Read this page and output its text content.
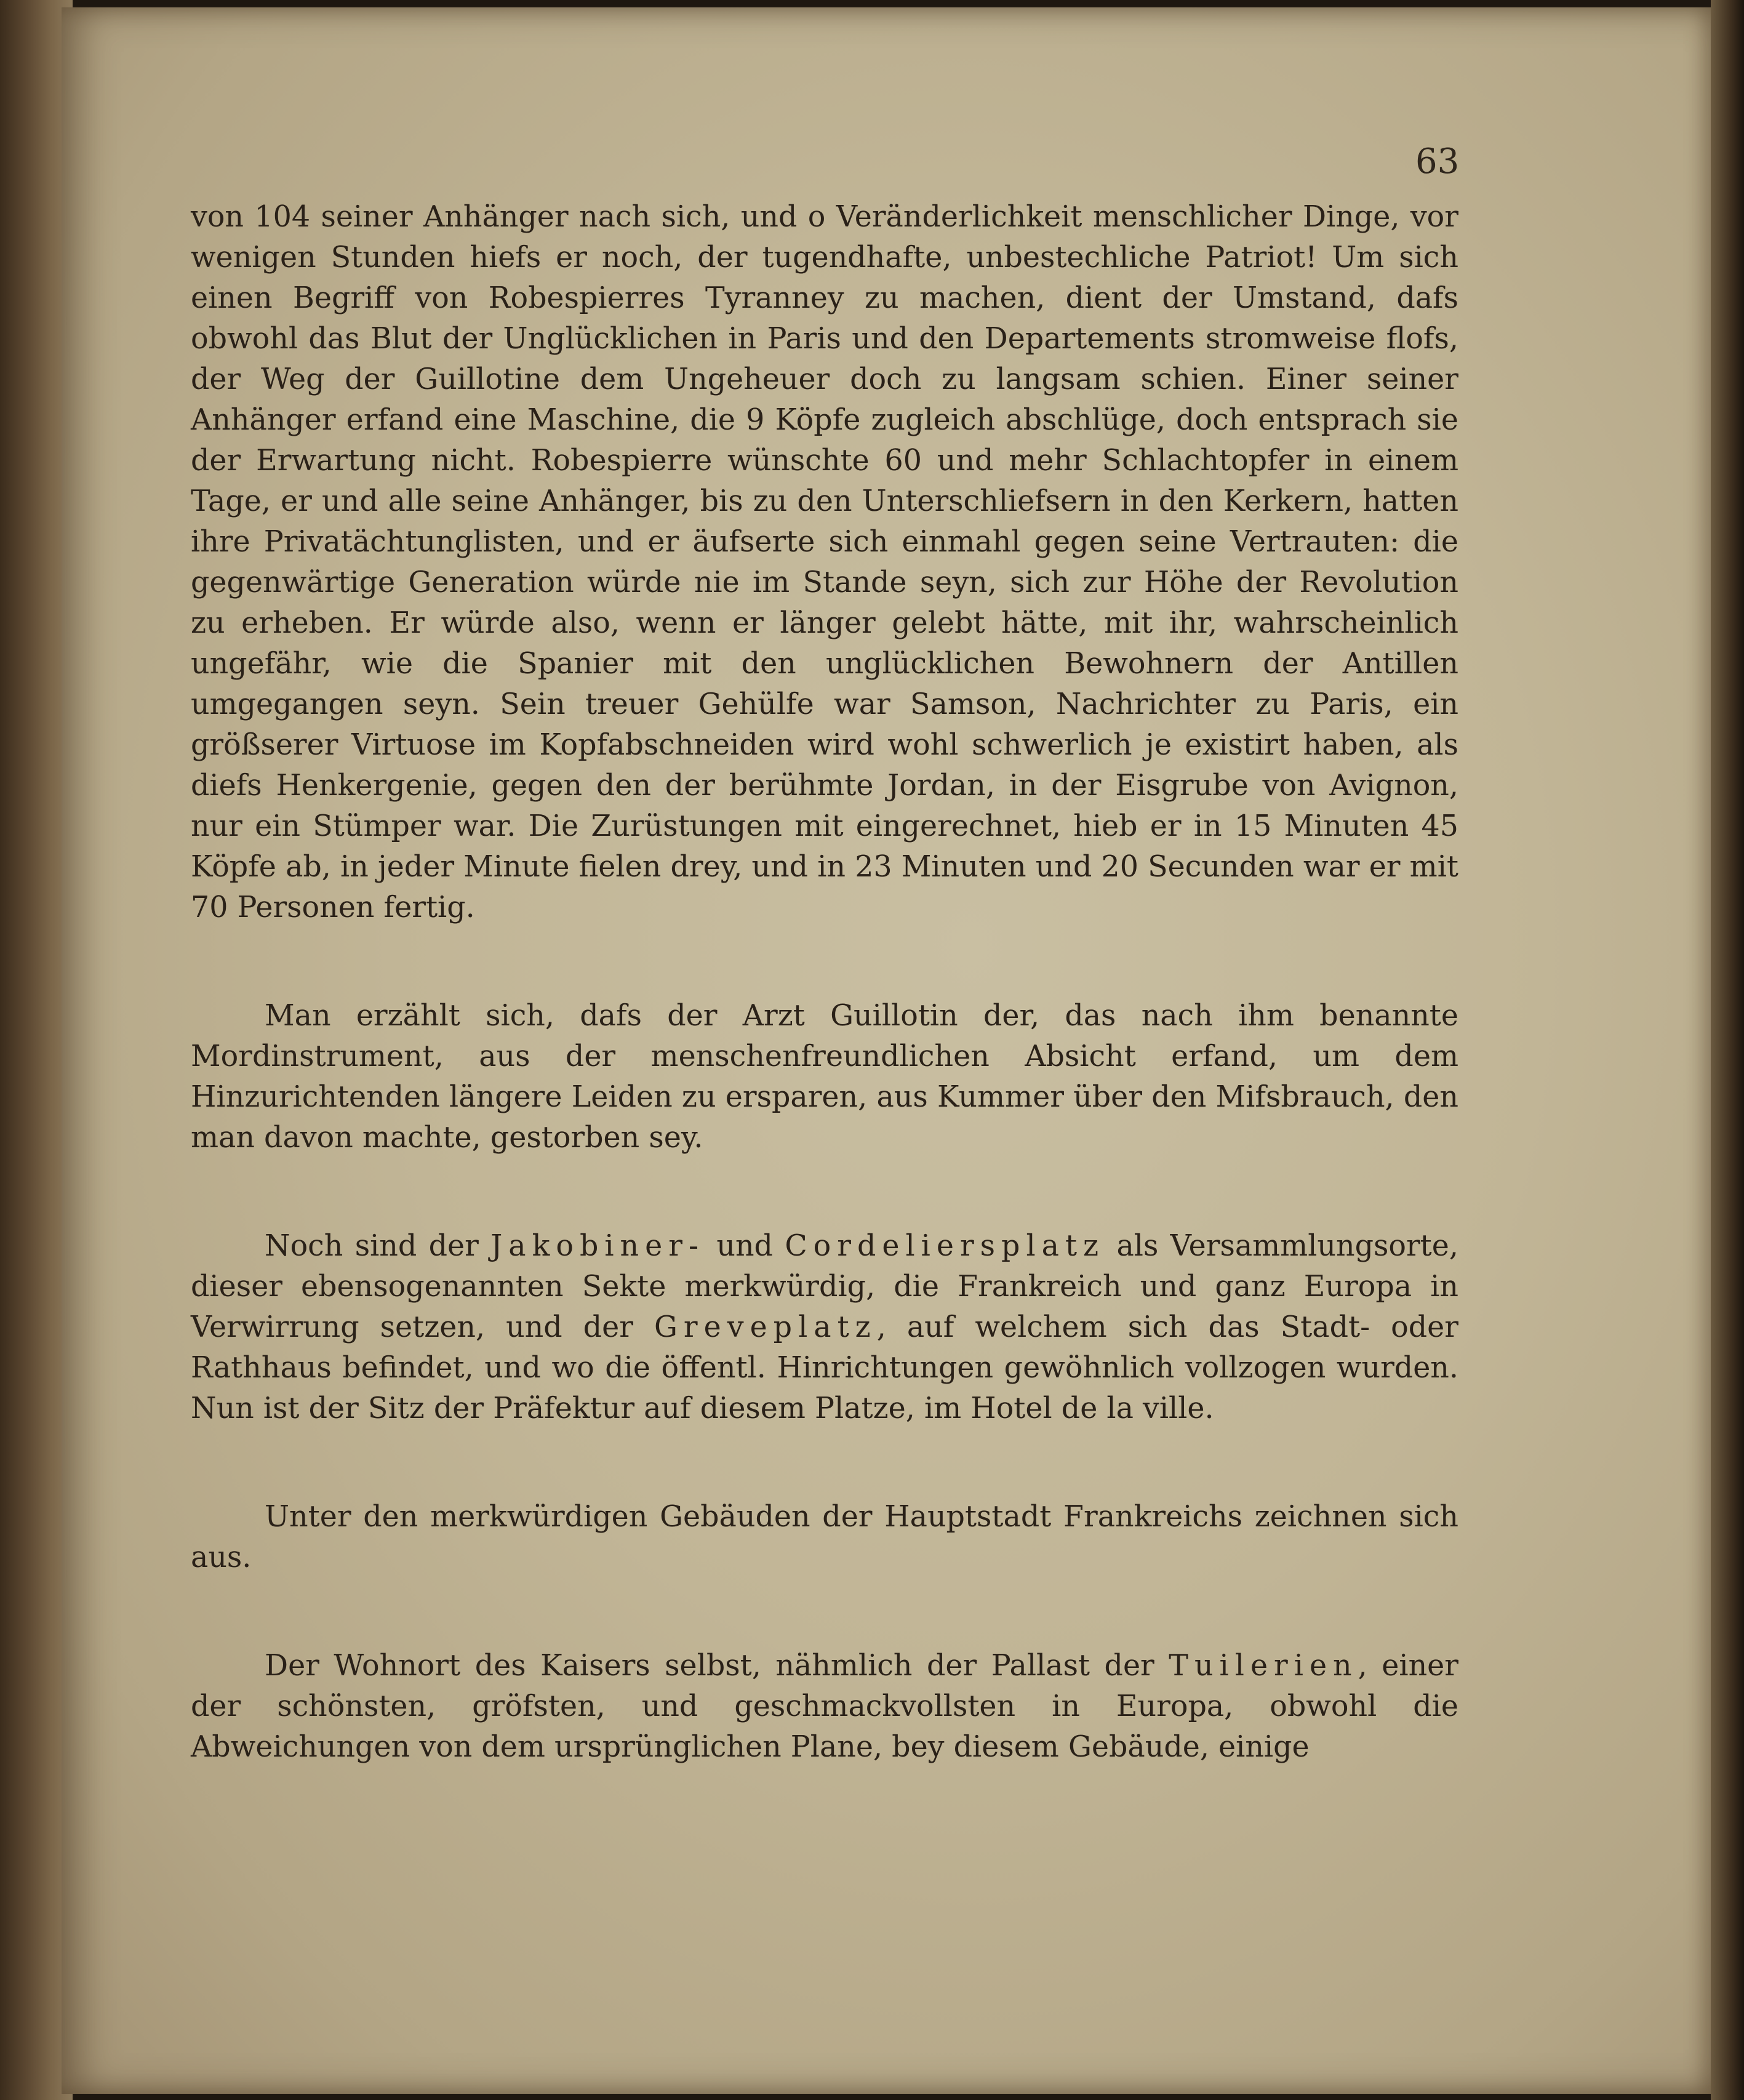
63

von 104 seiner Anhänger nach sich, und o Veränderlichkeit menschlicher Dinge, vor wenigen Stunden hiefs er noch, der tugendhafte, unbestechliche Patriot! Um sich einen Begriff von Robespierres Tyranney zu machen, dient der Umstand, dafs obwohl das Blut der Unglücklichen in Paris und den Departements stromweise flofs, der Weg der Guillotine dem Ungeheuer doch zu langsam schien. Einer seiner Anhänger erfand eine Maschine, die 9 Köpfe zugleich abschlüge, doch entsprach sie der Erwartung nicht. Robespierre wünschte 60 und mehr Schlachtopfer in einem Tage, er und alle seine Anhänger, bis zu den Unterschliefsern in den Kerkern, hatten ihre Privatächtunglisten, und er äufserte sich einmahl gegen seine Vertrauten: die gegenwärtige Generation würde nie im Stande seyn, sich zur Höhe der Revolution zu erheben. Er würde also, wenn er länger gelebt hätte, mit ihr, wahrscheinlich ungefähr, wie die Spanier mit den unglücklichen Bewohnern der Antillen umgegangen seyn. Sein treuer Gehülfe war Samson, Nachrichter zu Paris, ein größserer Virtuose im Kopfabschneiden wird wohl schwerlich je existirt haben, als diefs Henkergenie, gegen den der berühmte Jordan, in der Eisgrube von Avignon, nur ein Stümper war. Die Zurüstungen mit eingerechnet, hieb er in 15 Minuten 45 Köpfe ab, in jeder Minute fielen drey, und in 23 Minuten und 20 Secunden war er mit 70 Personen fertig.

Man erzählt sich, dafs der Arzt Guillotin der, das nach ihm benannte Mordinstrument, aus der menschenfreundlichen Absicht erfand, um dem Hinzurichtenden längere Leiden zu ersparen, aus Kummer über den Mifsbrauch, den man davon machte, gestorben sey.

Noch sind der Jakobiner- und Cordeliersplatz als Versammlungsorte, dieser ebensogenannten Sekte merkwürdig, die Frankreich und ganz Europa in Verwirrung setzen, und der Greveplatz, auf welchem sich das Stadt- oder Rathhaus befindet, und wo die öffentl. Hinrichtungen gewöhnlich vollzogen wurden. Nun ist der Sitz der Präfektur auf diesem Platze, im Hotel de la ville.

Unter den merkwürdigen Gebäuden der Hauptstadt Frankreichs zeichnen sich aus.

Der Wohnort des Kaisers selbst, nähmlich der Pallast der Tuilerien, einer der schönsten, gröfsten, und geschmackvollsten in Europa, obwohl die Abweichungen von dem ursprünglichen Plane, bey diesem Gebäude, einige
